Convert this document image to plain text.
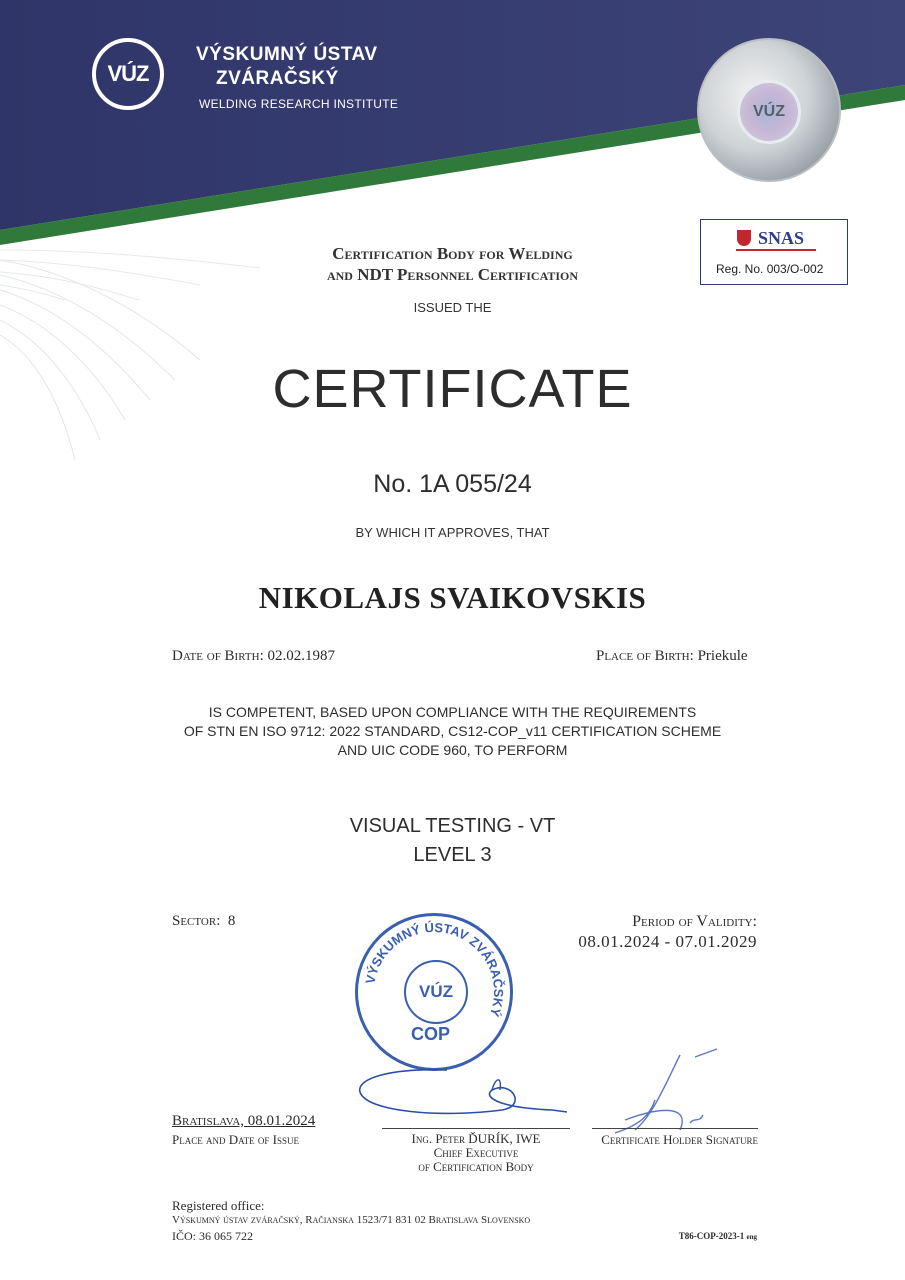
VÚZ
VÝSKUMNÝ ÚSTAV
ZVÁRAČSKÝ
WELDING RESEARCH INSTITUTE	VÚZ
SNAS
Reg. No. 003/O-002
Certification Body for Welding
and NDT Personnel Certification
ISSUED THE
CERTIFICATE
No. 1A 055/24
BY WHICH IT APPROVES, THAT
NIKOLAJS SVAIKOVSKIS
Date of Birth: 02.02.1987	Place of Birth: Priekule
IS COMPETENT, BASED UPON COMPLIANCE WITH THE REQUIREMENTS
OF STN EN ISO 9712: 2022 STANDARD, CS12-COP_v11 CERTIFICATION SCHEME
AND UIC CODE 960, TO PERFORM
VISUAL TESTING - VT
LEVEL 3
Sector: 8	Period of Validity:
08.01.2024 - 07.01.2029
VÝSKUMNÝ ÚSTAV ZVÁRAČSKÝ
VÚZ
COP
Bratislava, 08.01.2024
Place and Date of Issue	Ing. Peter ĎURÍK, IWE
Chief Executive
of Certification Body
Certificate Holder Signature
Registered office:
Výskumný ústav zváračský, Račianska 1523/71 831 02 Bratislava Slovensko
IČO: 36 065 722	T86-COP-2023-1 eng
